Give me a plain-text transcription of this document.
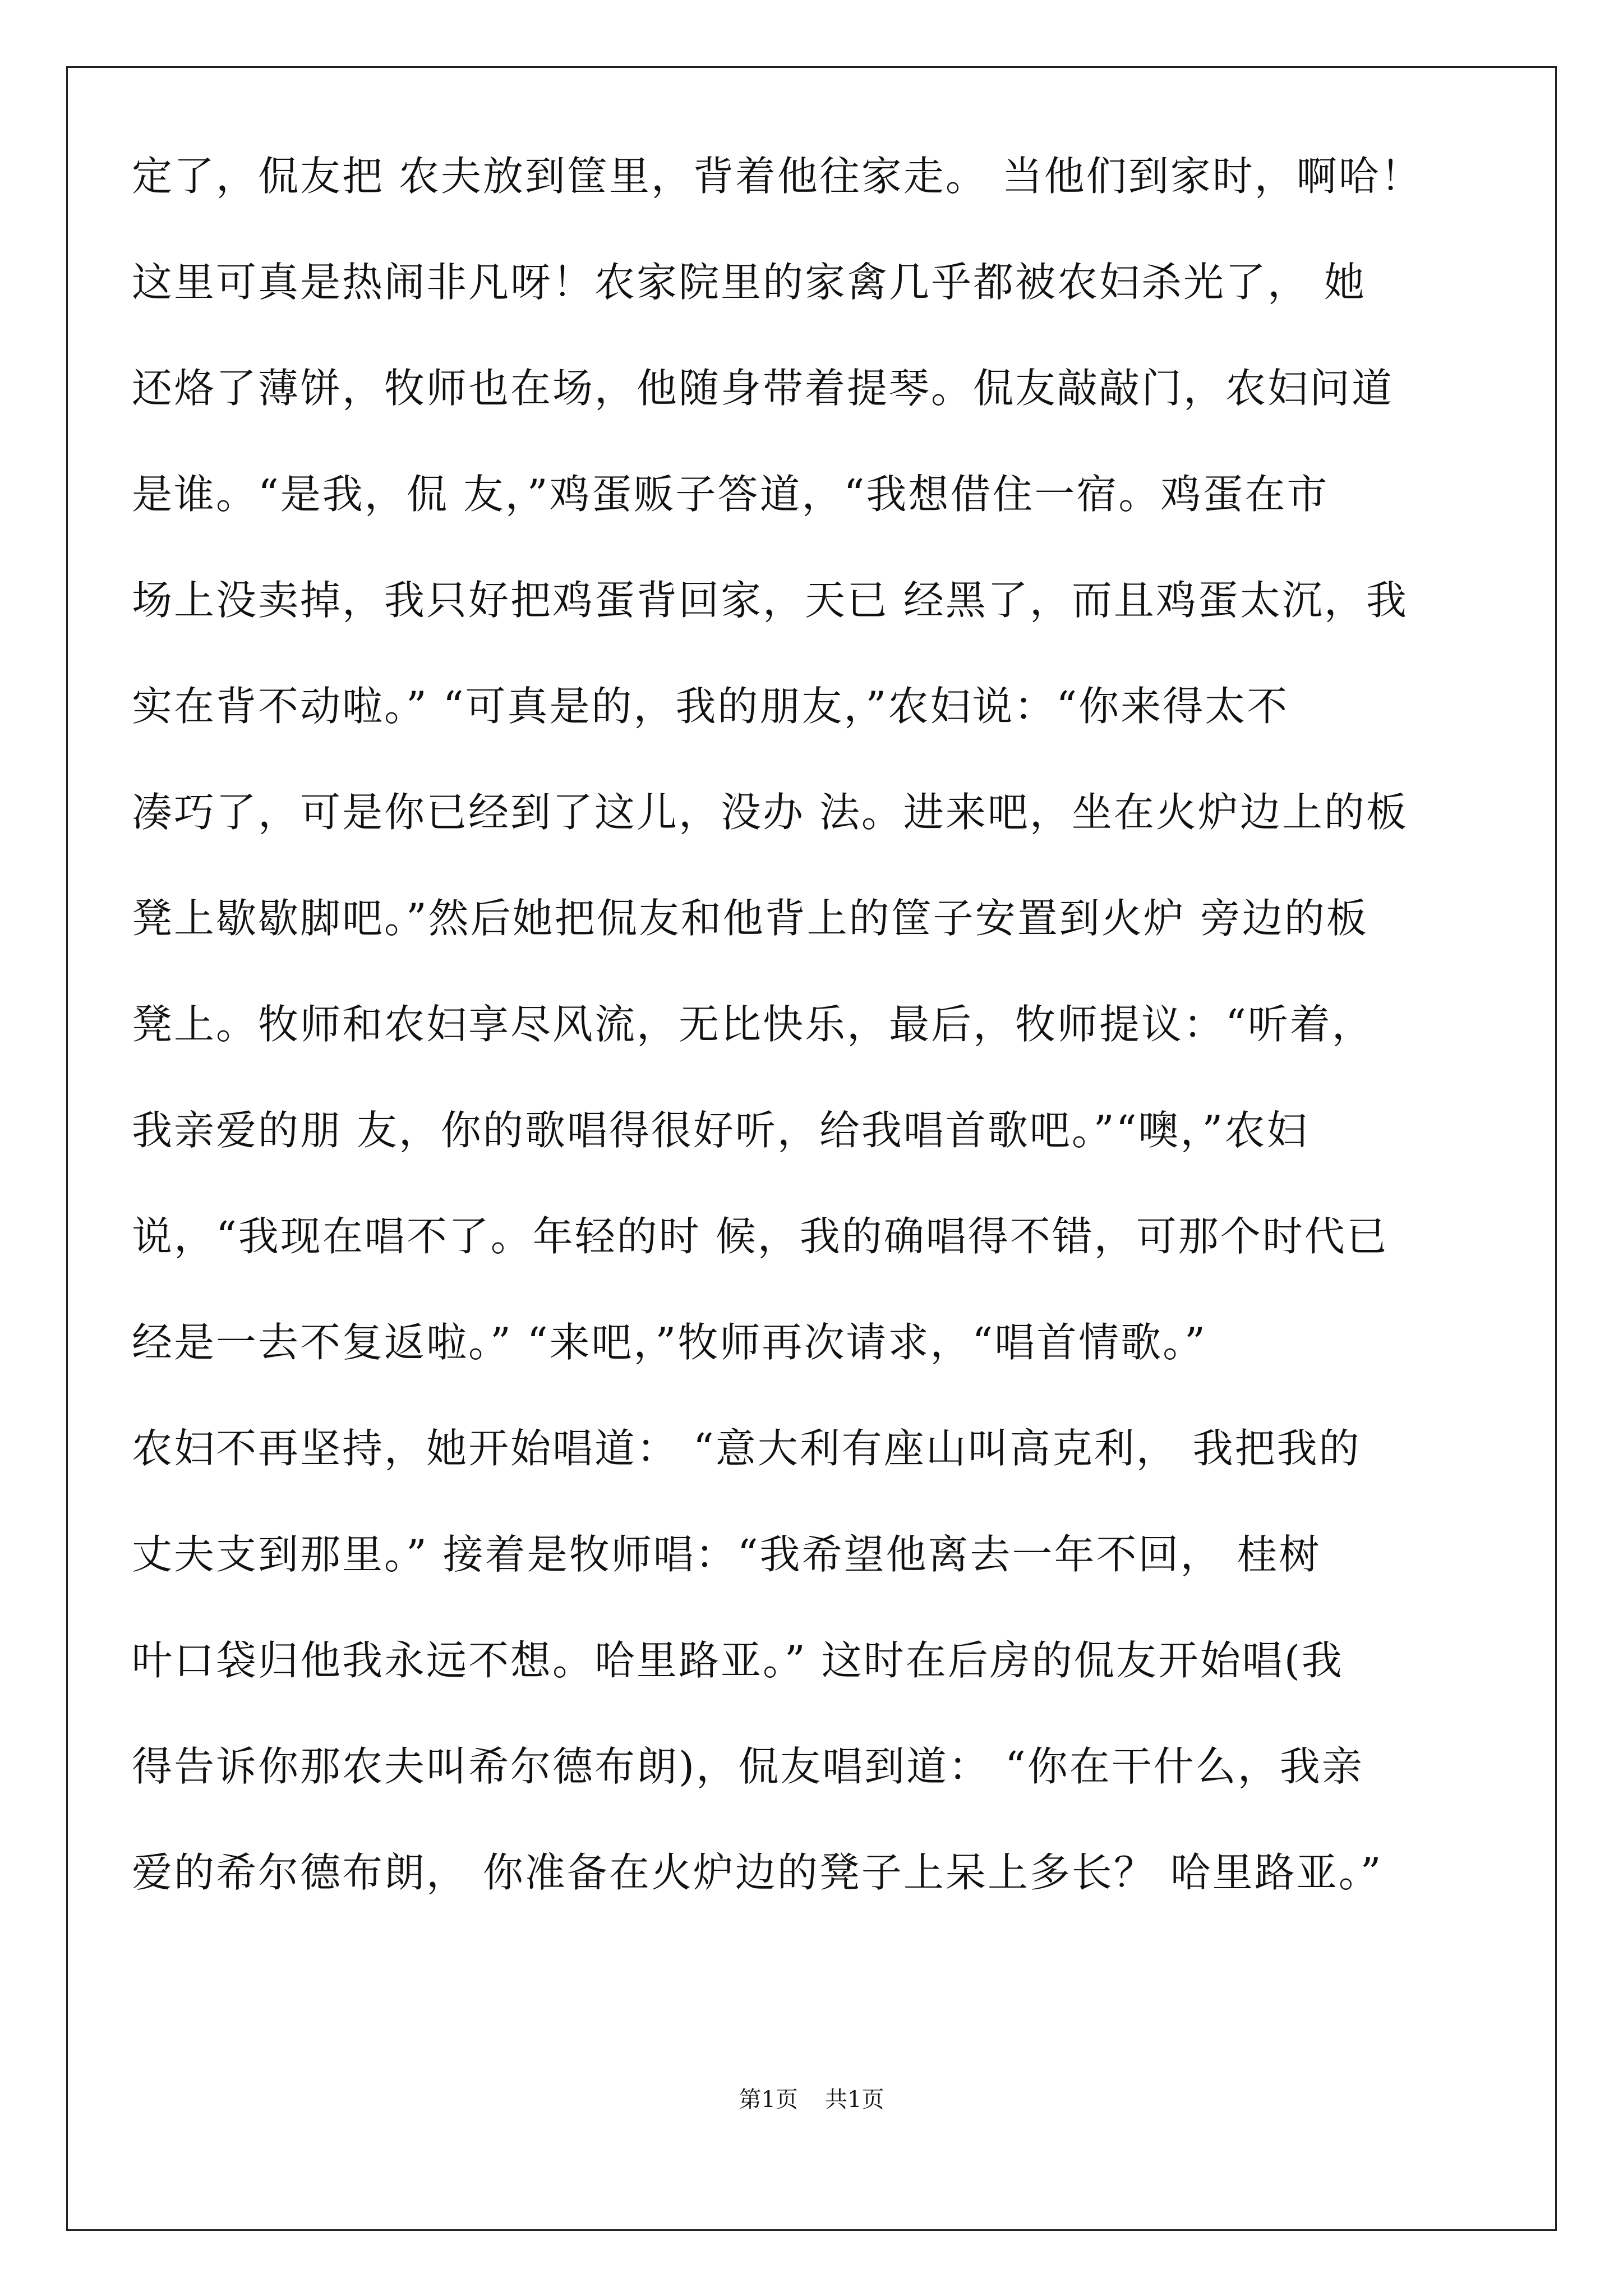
定了，侃友把 农夫放到筐里，背着他往家走。 当他们到家时，啊哈！
这里可真是热闹非凡呀！农家院里的家禽几乎都被农妇杀光了， 她
还烙了薄饼，牧师也在场，他随身带着提琴。侃友敲敲门，农妇问道
是谁。“是我，侃 友，”鸡蛋贩子答道，“我想借住一宿。鸡蛋在市
场上没卖掉，我只好把鸡蛋背回家，天已 经黑了，而且鸡蛋太沉，我
实在背不动啦。” “可真是的，我的朋友，”农妇说：“你来得太不
凑巧了，可是你已经到了这儿，没办 法。进来吧，坐在火炉边上的板
凳上歇歇脚吧。”然后她把侃友和他背上的筐子安置到火炉 旁边的板
凳上。牧师和农妇享尽风流，无比快乐，最后，牧师提议：“听着，
我亲爱的朋 友，你的歌唱得很好听，给我唱首歌吧。”“噢，”农妇
说，“我现在唱不了。年轻的时 候，我的确唱得不错，可那个时代已
经是一去不复返啦。” “来吧，”牧师再次请求，“唱首情歌。”
农妇不再坚持，她开始唱道： “意大利有座山叫高克利， 我把我的
丈夫支到那里。” 接着是牧师唱：“我希望他离去一年不回， 桂树
叶口袋归他我永远不想。哈里路亚。” 这时在后房的侃友开始唱(我
得告诉你那农夫叫希尔德布朗)，侃友唱到道： “你在干什么，我亲
爱的希尔德布朗， 你准备在火炉边的凳子上呆上多长？ 哈里路亚。”
第1页 共1页
